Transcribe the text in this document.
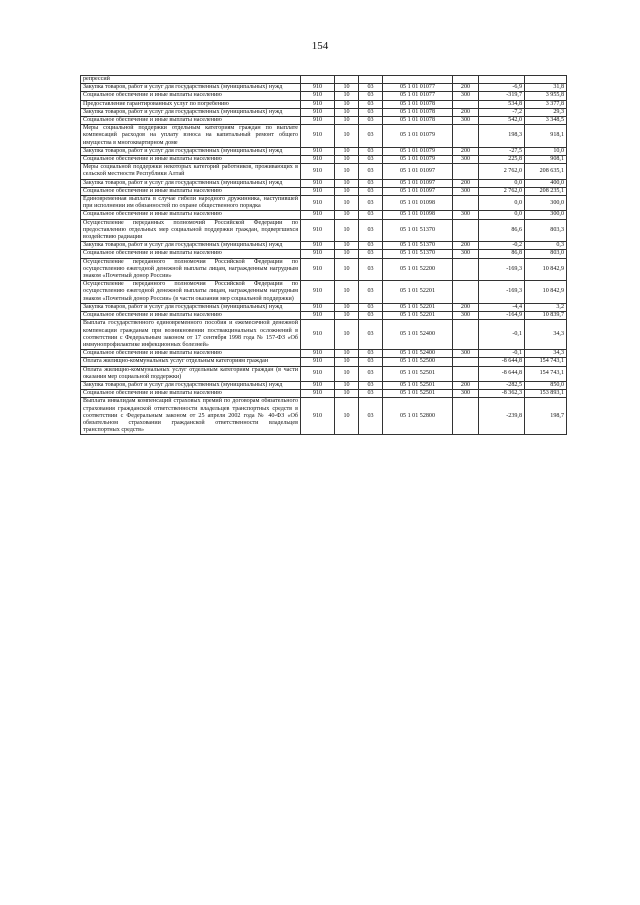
154
репрессий							
Закупка товаров, работ и услуг для государственных (муниципальных) нужд	910	10	03	05 1 01 01077	200	-6,9	31,8
Социальное обеспечение и иные выплаты населению	910	10	03	05 1 01 01077	300	-319,7	3 955,8
Предоставление гарантированных услуг по погребению	910	10	03	05 1 01 01078		534,8	3 377,8
Закупка товаров, работ и услуг для государственных (муниципальных) нужд	910	10	03	05 1 01 01078	200	-7,2	29,3
Социальное обеспечение и иные выплаты населению	910	10	03	05 1 01 01078	300	542,0	3 348,5
Меры социальной поддержки отдельным категориям граждан по выплате компенсаций расходов на уплату взноса на капитальный ремонт общего имущества в многоквартирном доме	910	10	03	05 1 01 01079		198,3	918,1
Закупка товаров, работ и услуг для государственных (муниципальных) нужд	910	10	03	05 1 01 01079	200	-27,5	10,0
Социальное обеспечение и иные выплаты населению	910	10	03	05 1 01 01079	300	225,8	908,1
Меры социальной поддержки некоторых категорий работников, проживающих в сельской местности Республики Алтай	910	10	03	05 1 01 01097		2 762,0	208 635,1
Закупка товаров, работ и услуг для государственных (муниципальных) нужд	910	10	03	05 1 01 01097	200	0,0	400,0
Социальное обеспечение и иные выплаты населению	910	10	03	05 1 01 01097	300	2 762,0	208 235,1
Единовременная выплата в случае гибели народного дружинника, наступившей при исполнении им обязанностей по охране общественного порядка	910	10	03	05 1 01 01098		0,0	300,0
Социальное обеспечение и иные выплаты населению	910	10	03	05 1 01 01098	300	0,0	300,0
Осуществление переданных полномочий Российской Федерации по предоставлению отдельных мер социальной поддержки граждан, подвергшихся воздействию радиации	910	10	03	05 1 01 51370		86,6	803,3
Закупка товаров, работ и услуг для государственных (муниципальных) нужд	910	10	03	05 1 01 51370	200	-0,2	0,3
Социальное обеспечение и иные выплаты населению	910	10	03	05 1 01 51370	300	86,8	803,0
Осуществление переданного полномочия Российской Федерации по осуществлению ежегодной денежной выплаты лицам, награжденным нагрудным знаком «Почетный донор России»	910	10	03	05 1 01 52200		-169,3	10 842,9
Осуществление переданного полномочия Российской Федерации по осуществлению ежегодной денежной выплаты лицам, награжденным нагрудным знаком «Почетный донор России» (в части оказания мер социальной поддержки)	910	10	03	05 1 01 52201		-169,3	10 842,9
Закупка товаров, работ и услуг для государственных (муниципальных) нужд	910	10	03	05 1 01 52201	200	-4,4	3,2
Социальное обеспечение и иные выплаты населению	910	10	03	05 1 01 52201	300	-164,9	10 839,7
Выплата государственного единовременного пособия и ежемесячной денежной компенсации гражданам при возникновении поствакцинальных осложнений в соответствии с Федеральным законом от 17 сентября 1998 года № 157-ФЗ «Об иммунопрофилактике инфекционных болезней»	910	10	03	05 1 01 52400		-0,1	34,3
Социальное обеспечение и иные выплаты населению	910	10	03	05 1 01 52400	300	-0,1	34,3
Оплата жилищно-коммунальных услуг отдельным категориям граждан	910	10	03	05 1 01 52500		-8 644,8	154 743,1
Оплата жилищно-коммунальных услуг отдельным категориям граждан (в части оказания мер социальной поддержки)	910	10	03	05 1 01 52501		-8 644,8	154 743,1
Закупка товаров, работ и услуг для государственных (муниципальных) нужд	910	10	03	05 1 01 52501	200	-282,5	850,0
Социальное обеспечение и иные выплаты населению	910	10	03	05 1 01 52501	300	-8 362,3	153 893,1
Выплата инвалидам компенсаций страховых премий по договорам обязательного страхования гражданской ответственности владельцев транспортных средств в соответствии с Федеральным законом от 25 апреля 2002 года № 40-ФЗ «Об обязательном страховании гражданской ответственности владельцев транспортных средств»	910	10	03	05 1 01 52800		-239,8	198,7
